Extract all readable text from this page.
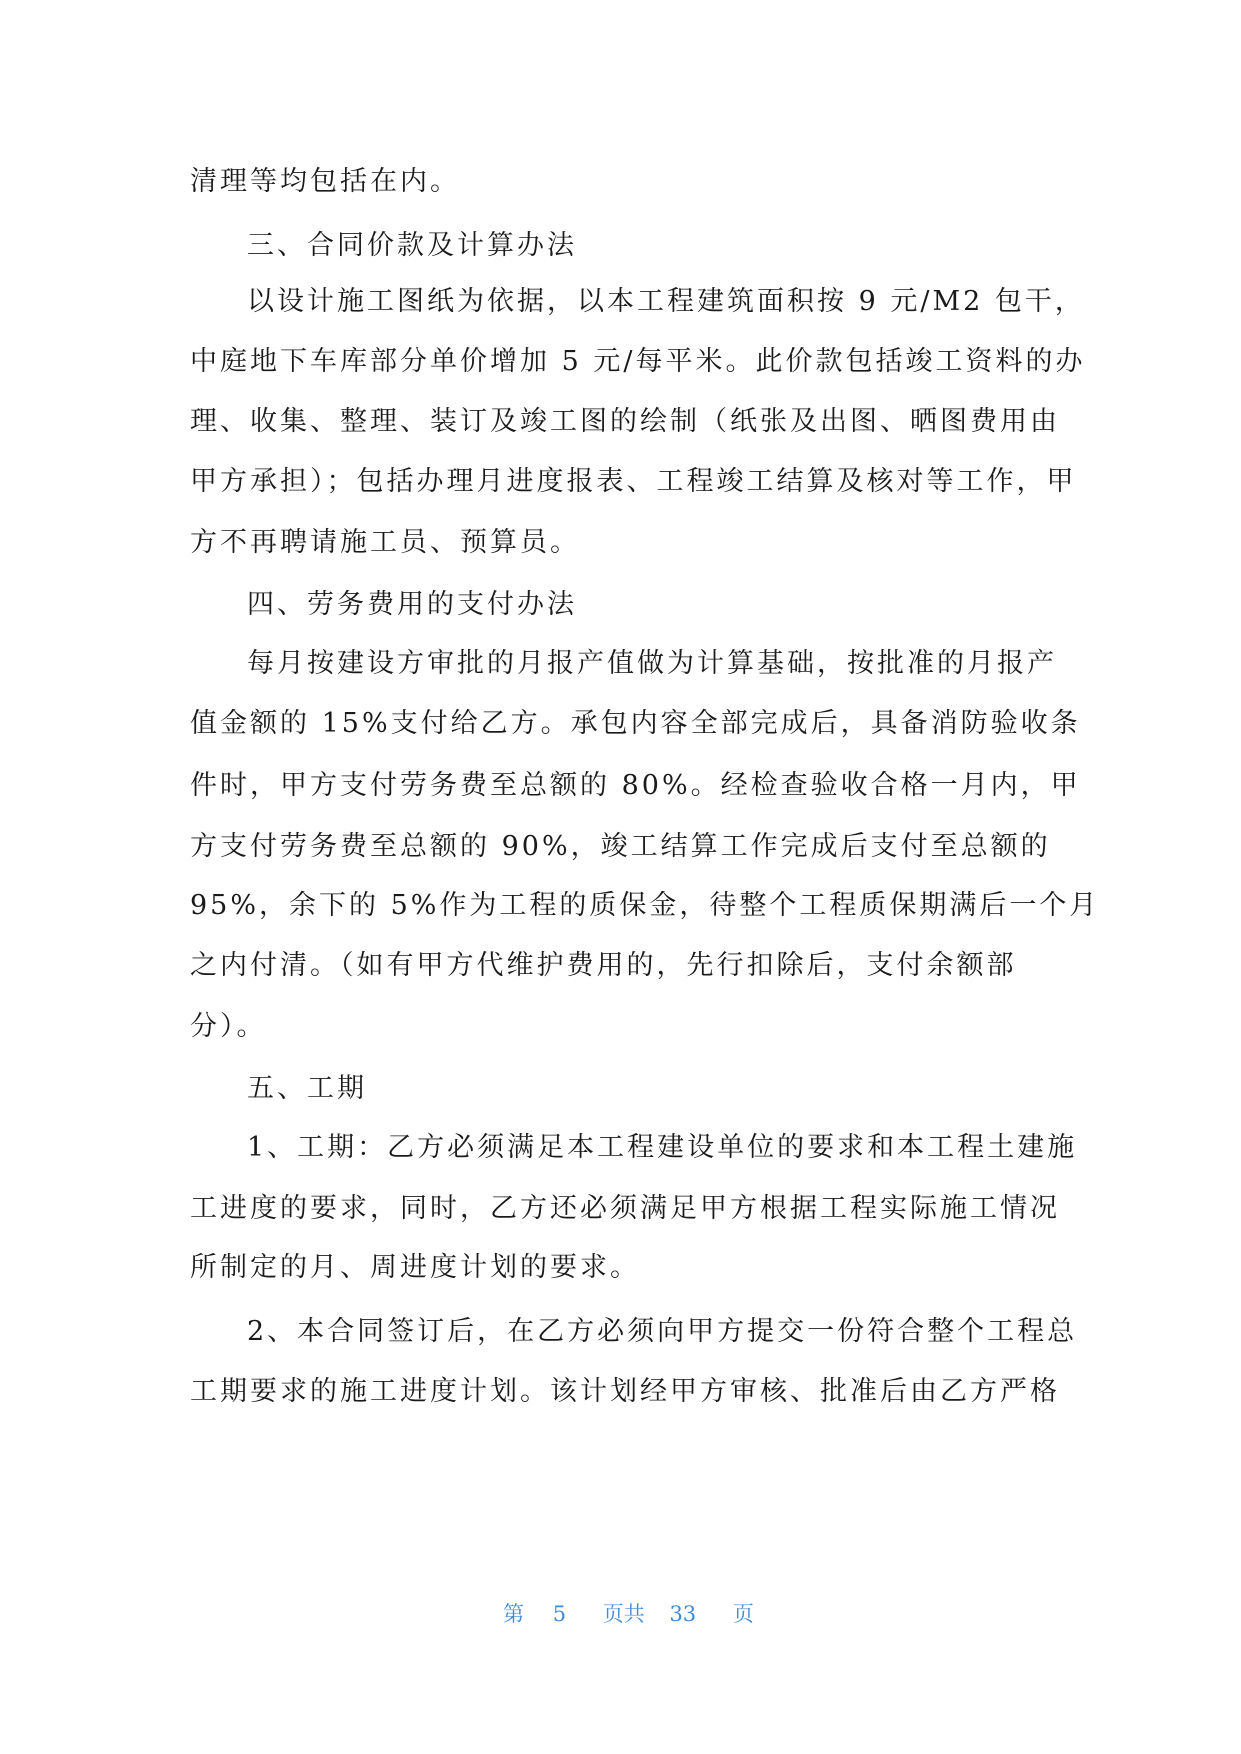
清理等均包括在内。
三、合同价款及计算办法
以设计施工图纸为依据，以本工程建筑面积按 9 元/M2 包干，
中庭地下车库部分单价增加 5 元/每平米。此价款包括竣工资料的办
理、收集、整理、装订及竣工图的绘制（纸张及出图、晒图费用由
甲方承担）；包括办理月进度报表、工程竣工结算及核对等工作，甲
方不再聘请施工员、预算员。
四、劳务费用的支付办法
每月按建设方审批的月报产值做为计算基础，按批准的月报产
值金额的 15%支付给乙方。承包内容全部完成后，具备消防验收条
件时，甲方支付劳务费至总额的 80%。经检查验收合格一月内，甲
方支付劳务费至总额的 90%，竣工结算工作完成后支付至总额的
95%，余下的 5%作为工程的质保金，待整个工程质保期满后一个月
之内付清。（如有甲方代维护费用的，先行扣除后，支付余额部
分）。
五、工期
1、工期：乙方必须满足本工程建设单位的要求和本工程土建施
工进度的要求，同时，乙方还必须满足甲方根据工程实际施工情况
所制定的月、周进度计划的要求。
2、本合同签订后，在乙方必须向甲方提交一份符合整个工程总
工期要求的施工进度计划。该计划经甲方审核、批准后由乙方严格
第 5 页共 33 页
